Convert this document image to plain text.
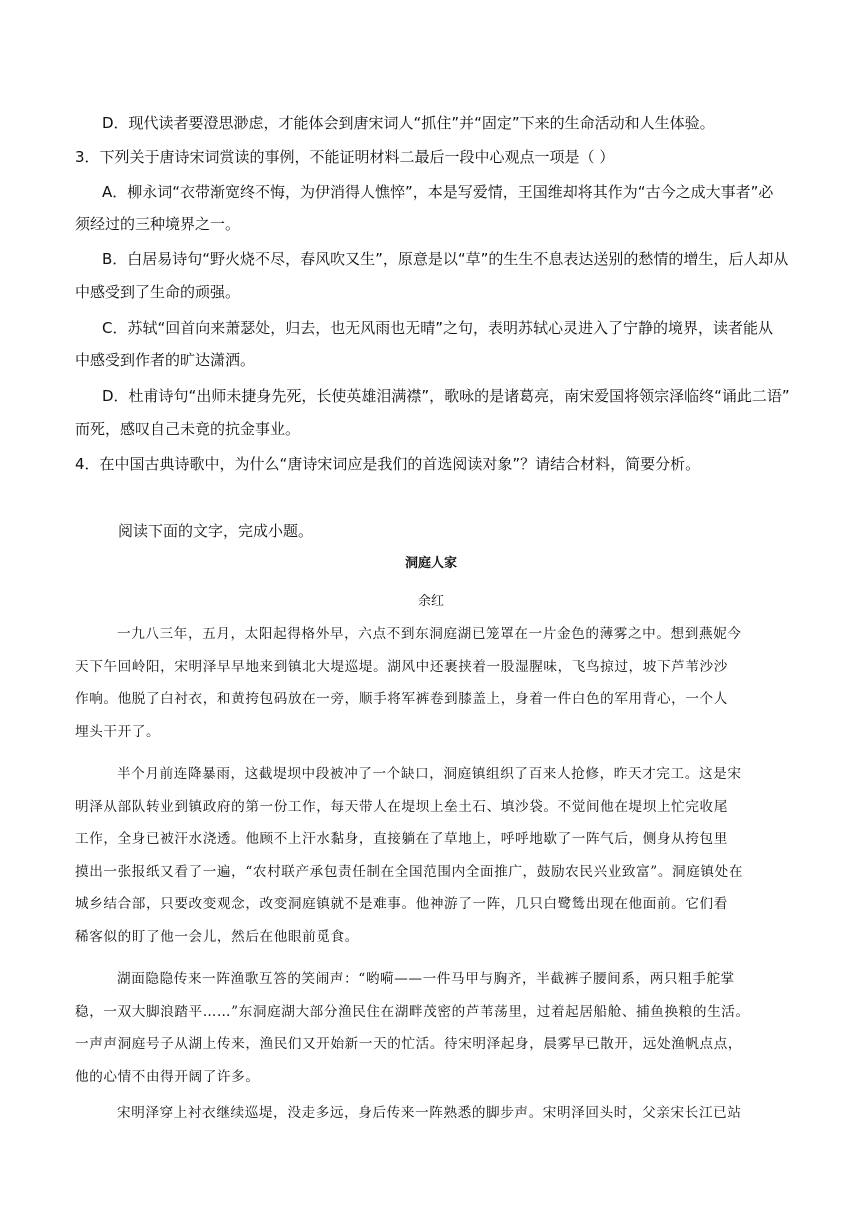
D．现代读者要澄思渺虑，才能体会到唐宋词人“抓住”并“固定”下来的生命活动和人生体验。

3．下列关于唐诗宋词赏读的事例，不能证明材料二最后一段中心观点一项是（ ）

A．柳永词“衣带渐宽终不悔，为伊消得人憔悴”，本是写爱情，王国维却将其作为“古今之成大事者”必

须经过的三种境界之一。

B．白居易诗句“野火烧不尽，春风吹又生”，原意是以“草”的生生不息表达送别的愁情的增生，后人却从

中感受到了生命的顽强。

C．苏轼“回首向来萧瑟处，归去，也无风雨也无晴”之句，表明苏轼心灵进入了宁静的境界，读者能从

中感受到作者的旷达潇洒。

D．杜甫诗句“出师未捷身先死，长使英雄泪满襟”，歌咏的是诸葛亮，南宋爱国将领宗泽临终“诵此二语”

而死，感叹自己未竟的抗金事业。

4．在中国古典诗歌中，为什么“唐诗宋词应是我们的首选阅读对象”？请结合材料，简要分析。

阅读下面的文字，完成小题。

洞庭人家

余红

一九八三年，五月，太阳起得格外早，六点不到东洞庭湖已笼罩在一片金色的薄雾之中。想到燕妮今

天下午回岭阳，宋明泽早早地来到镇北大堤巡堤。湖风中还裹挟着一股湿腥味，飞鸟掠过，坡下芦苇沙沙

作响。他脱了白衬衣，和黄挎包码放在一旁，顺手将军裤卷到膝盖上，身着一件白色的军用背心，一个人

埋头干开了。

半个月前连降暴雨，这截堤坝中段被冲了一个缺口，洞庭镇组织了百来人抢修，昨天才完工。这是宋

明泽从部队转业到镇政府的第一份工作，每天带人在堤坝上垒土石、填沙袋。不觉间他在堤坝上忙完收尾

工作，全身已被汗水浇透。他顾不上汗水黏身，直接躺在了草地上，呼呼地歇了一阵气后，侧身从挎包里

摸出一张报纸又看了一遍，“农村联产承包责任制在全国范围内全面推广，鼓励农民兴业致富”。洞庭镇处在

城乡结合部，只要改变观念，改变洞庭镇就不是难事。他神游了一阵，几只白鹭鸶出现在他面前。它们看

稀客似的盯了他一会儿，然后在他眼前觅食。

湖面隐隐传来一阵渔歌互答的笑闹声：“哟嗬——一件马甲与胸齐，半截裤子腰间系，两只粗手舵掌

稳，一双大脚浪踏平……”东洞庭湖大部分渔民住在湖畔茂密的芦苇荡里，过着起居船舱、捕鱼换粮的生活。

一声声洞庭号子从湖上传来，渔民们又开始新一天的忙活。待宋明泽起身，晨雾早已散开，远处渔帆点点，

他的心情不由得开阔了许多。

宋明泽穿上衬衣继续巡堤，没走多远，身后传来一阵熟悉的脚步声。宋明泽回头时，父亲宋长江已站
